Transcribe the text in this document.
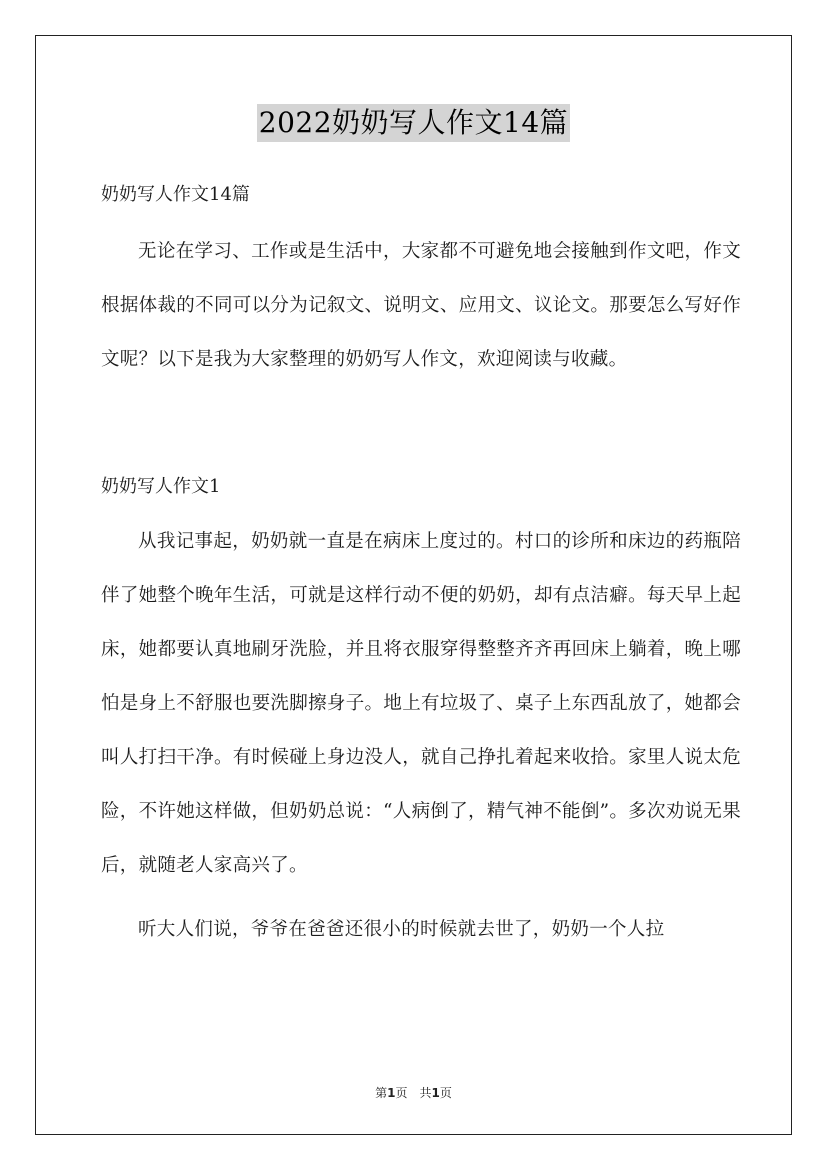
2022奶奶写人作文14篇

奶奶写人作文14篇

无论在学习、工作或是生活中，大家都不可避免地会接触到作文吧，作文根据体裁的不同可以分为记叙文、说明文、应用文、议论文。那要怎么写好作文呢？以下是我为大家整理的奶奶写人作文，欢迎阅读与收藏。

奶奶写人作文1

从我记事起，奶奶就一直是在病床上度过的。村口的诊所和床边的药瓶陪伴了她整个晚年生活，可就是这样行动不便的奶奶，却有点洁癖。每天早上起床，她都要认真地刷牙洗脸，并且将衣服穿得整整齐齐再回床上躺着，晚上哪怕是身上不舒服也要洗脚擦身子。地上有垃圾了、桌子上东西乱放了，她都会叫人打扫干净。有时候碰上身边没人，就自己挣扎着起来收拾。家里人说太危险，不许她这样做，但奶奶总说：“人病倒了，精气神不能倒”。多次劝说无果后，就随老人家高兴了。

听大人们说，爷爷在爸爸还很小的时候就去世了，奶奶一个人拉

第1页　共1页
